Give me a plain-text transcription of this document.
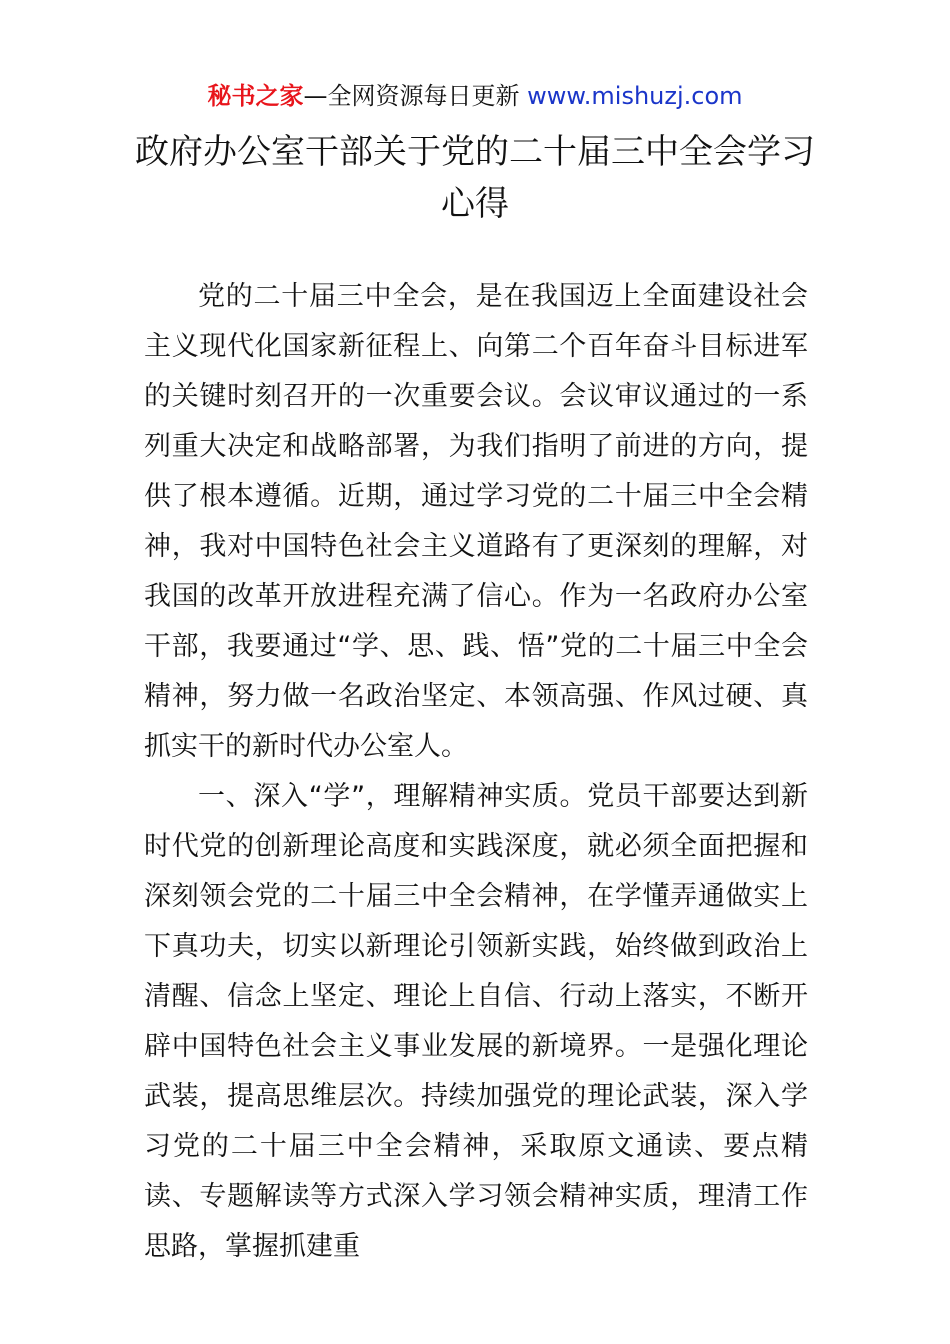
秘书之家—全网资源每日更新 www.mishuzj.com
政府办公室干部关于党的二十届三中全会学习心得

党的二十届三中全会，是在我国迈上全面建设社会主义现代化国家新征程上、向第二个百年奋斗目标进军的关键时刻召开的一次重要会议。会议审议通过的一系列重大决定和战略部署，为我们指明了前进的方向，提供了根本遵循。近期，通过学习党的二十届三中全会精神，我对中国特色社会主义道路有了更深刻的理解，对我国的改革开放进程充满了信心。作为一名政府办公室干部，我要通过“学、思、践、悟”党的二十届三中全会精神，努力做一名政治坚定、本领高强、作风过硬、真抓实干的新时代办公室人。

一、深入“学”，理解精神实质。党员干部要达到新时代党的创新理论高度和实践深度，就必须全面把握和深刻领会党的二十届三中全会精神，在学懂弄通做实上下真功夫，切实以新理论引领新实践，始终做到政治上清醒、信念上坚定、理论上自信、行动上落实，不断开辟中国特色社会主义事业发展的新境界。一是强化理论武装，提高思维层次。持续加强党的理论武装，深入学习党的二十届三中全会精神，采取原文通读、要点精读、专题解读等方式深入学习领会精神实质，理清工作思路，掌握抓建重
